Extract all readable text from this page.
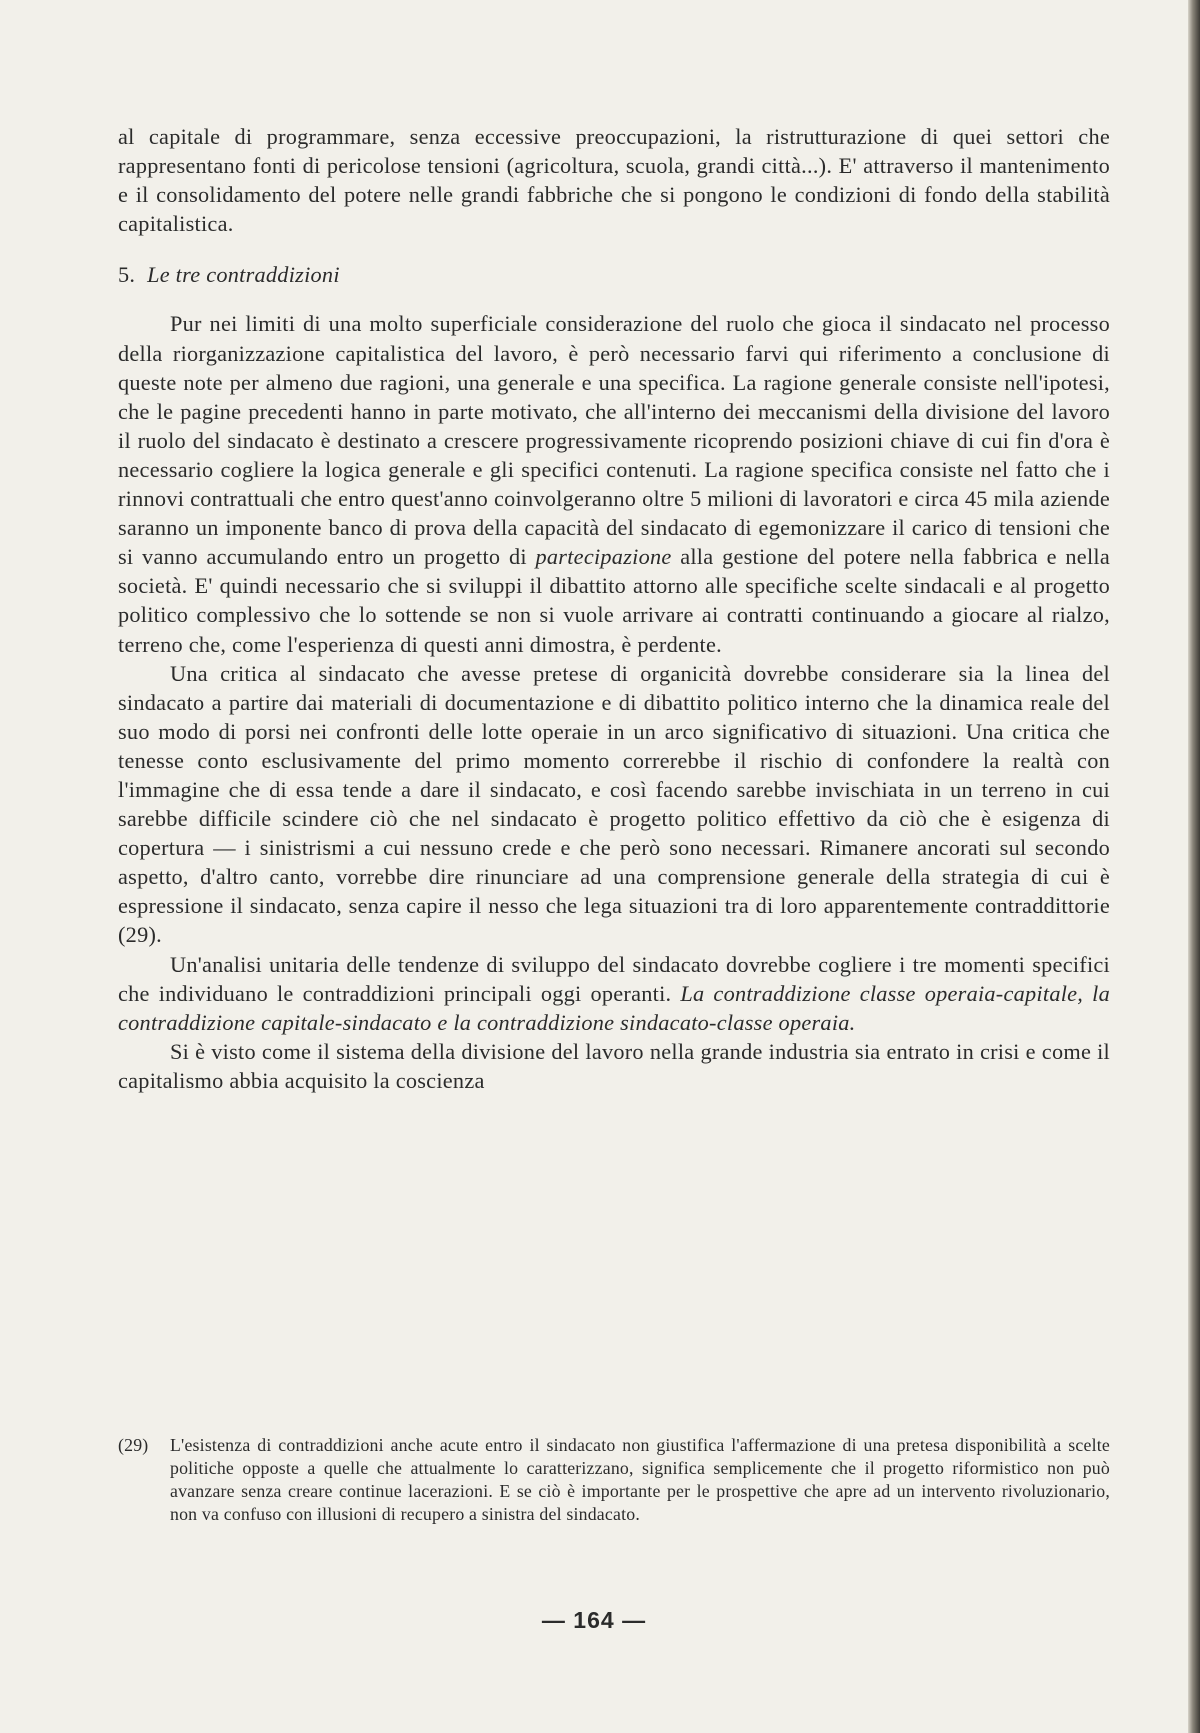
al capitale di programmare, senza eccessive preoccupazioni, la ristrutturazione di quei settori che rappresentano fonti di pericolose tensioni (agricoltura, scuola, grandi città...). E' attraverso il mantenimento e il consolidamento del potere nelle grandi fabbriche che si pongono le condizioni di fondo della stabilità capitalistica.

5. Le tre contraddizioni

Pur nei limiti di una molto superficiale considerazione del ruolo che gioca il sindacato nel processo della riorganizzazione capitalistica del lavoro, è però necessario farvi qui riferimento a conclusione di queste note per almeno due ragioni, una generale e una specifica. La ragione generale consiste nell'ipotesi, che le pagine precedenti hanno in parte motivato, che all'interno dei meccanismi della divisione del lavoro il ruolo del sindacato è destinato a crescere progressivamente ricoprendo posizioni chiave di cui fin d'ora è necessario cogliere la logica generale e gli specifici contenuti. La ragione specifica consiste nel fatto che i rinnovi contrattuali che entro quest'anno coinvolgeranno oltre 5 milioni di lavoratori e circa 45 mila aziende saranno un imponente banco di prova della capacità del sindacato di egemonizzare il carico di tensioni che si vanno accumulando entro un progetto di partecipazione alla gestione del potere nella fabbrica e nella società. E' quindi necessario che si sviluppi il dibattito attorno alle specifiche scelte sindacali e al progetto politico complessivo che lo sottende se non si vuole arrivare ai contratti continuando a giocare al rialzo, terreno che, come l'esperienza di questi anni dimostra, è perdente.

Una critica al sindacato che avesse pretese di organicità dovrebbe considerare sia la linea del sindacato a partire dai materiali di documentazione e di dibattito politico interno che la dinamica reale del suo modo di porsi nei confronti delle lotte operaie in un arco significativo di situazioni. Una critica che tenesse conto esclusivamente del primo momento correrebbe il rischio di confondere la realtà con l'immagine che di essa tende a dare il sindacato, e così facendo sarebbe invischiata in un terreno in cui sarebbe difficile scindere ciò che nel sindacato è progetto politico effettivo da ciò che è esigenza di copertura — i sinistrismi a cui nessuno crede e che però sono necessari. Rimanere ancorati sul secondo aspetto, d'altro canto, vorrebbe dire rinunciare ad una comprensione generale della strategia di cui è espressione il sindacato, senza capire il nesso che lega situazioni tra di loro apparentemente contraddittorie (29).

Un'analisi unitaria delle tendenze di sviluppo del sindacato dovrebbe cogliere i tre momenti specifici che individuano le contraddizioni principali oggi operanti. La contraddizione classe operaia-capitale, la contraddizione capitale-sindacato e la contraddizione sindacato-classe operaia.

Si è visto come il sistema della divisione del lavoro nella grande industria sia entrato in crisi e come il capitalismo abbia acquisito la coscienza

(29) L'esistenza di contraddizioni anche acute entro il sindacato non giustifica l'affermazione di una pretesa disponibilità a scelte politiche opposte a quelle che attualmente lo caratterizzano, significa semplicemente che il progetto riformistico non può avanzare senza creare continue lacerazioni. E se ciò è importante per le prospettive che apre ad un intervento rivoluzionario, non va confuso con illusioni di recupero a sinistra del sindacato.
— 164 —
